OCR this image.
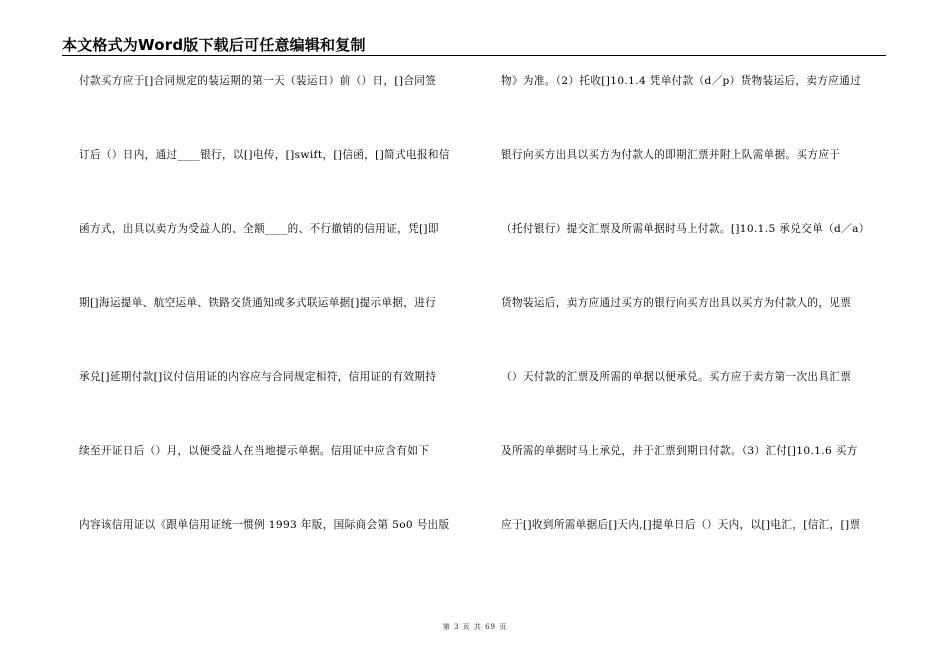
本文格式为Word版下载后可任意编辑和复制
付款买方应于[]合同规定的装运期的第一天（装运日）前（）日，[]合同签
订后（）日内，通过____银行，以[]电传，[]swift，[]信函，[]简式电报和信
函方式，出具以卖方为受益人的、全额____的、不行撤销的信用证，凭[]即
期[]海运提单、航空运单、铁路交货通知或多式联运单据[]提示单据，进行
承兑[]延期付款[]议付信用证的内容应与合同规定相符，信用证的有效期持
续至开证日后（）月，以便受益人在当地提示单据。信用证中应含有如下
内容该信用证以《跟单信用证统一惯例 1993 年版，国际商会第 5o0 号出版
物》为准。（2）托收[]10.1.4 凭单付款（d／p）货物装运后，卖方应通过
银行向买方出具以买方为付款人的即期汇票并附上队需单据。买方应于
（托付银行）提交汇票及所需单据时马上付款。[]10.1.5 承兑交单（d／a）
货物装运后，卖方应通过买方的银行向买方出具以买方为付款人的，见票
（）天付款的汇票及所需的单据以便承兑。买方应于卖方第一次出具汇票
及所需的单据时马上承兑，并于汇票到期日付款。（3）汇付[]10.1.6 买方
应于[]收到所需单据后[]天内,[]提单日后（）天内，以[]电汇，[信汇，[]票
第 3 页 共 69 页
